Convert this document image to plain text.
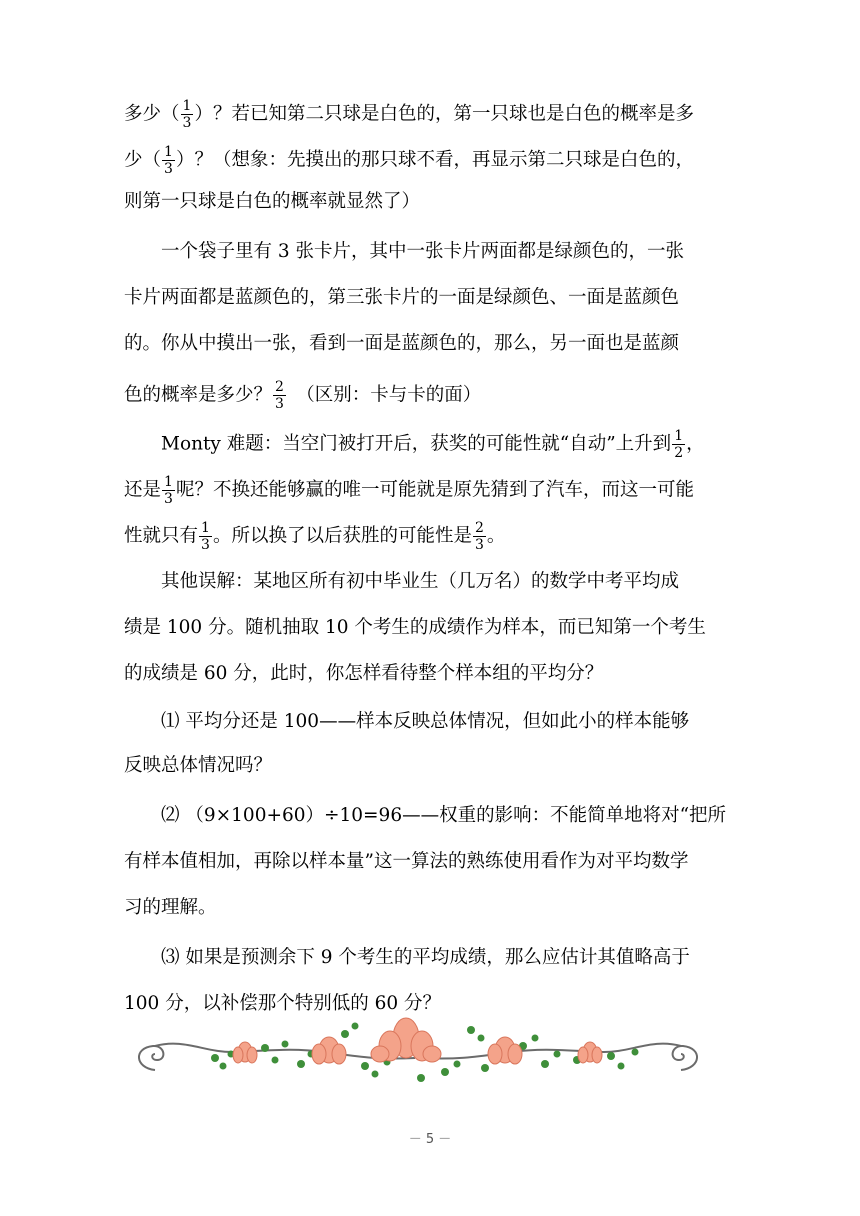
多少（ $\frac{1}{3}$ ）？若已知第二只球是白色的，第一只球也是白色的概率是多
少（ $\frac{1}{3}$ ）？（想象：先摸出的那只球不看，再显示第二只球是白色的，
则第一只球是白色的概率就显然了）
一个袋子里有 3 张卡片，其中一张卡片两面都是绿颜色的，一张
卡片两面都是蓝颜色的，第三张卡片的一面是绿颜色、一面是蓝颜色
的。你从中摸出一张，看到一面是蓝颜色的，那么，另一面也是蓝颜
色的概率是多少？ $\frac{2}{3}$ 　（区别：卡与卡的面）
Monty 难题：当空门被打开后，获奖的可能性就“自动”上升到 $\frac{1}{2}$ ，
还是 $\frac{1}{3}$ 呢？不换还能够赢的唯一可能就是原先猜到了汽车，而这一可能
性就只有 $\frac{1}{3}$ 。所以换了以后获胜的可能性是 $\frac{2}{3}$ 。
其他误解：某地区所有初中毕业生（几万名）的数学中考平均成
绩是 100 分。随机抽取 10 个考生的成绩作为样本，而已知第一个考生
的成绩是 60 分，此时，你怎样看待整个样本组的平均分？
⑴ 平均分还是 100——样本反映总体情况，但如此小的样本能够
反映总体情况吗？
⑵ （9×100+60）÷10=96——权重的影响：不能简单地将对“把所
有样本值相加，再除以样本量”这一算法的熟练使用看作为对平均数学
习的理解。
⑶ 如果是预测余下 9 个考生的平均成绩，那么应估计其值略高于
100 分，以补偿那个特别低的 60 分？
－ 5 －
